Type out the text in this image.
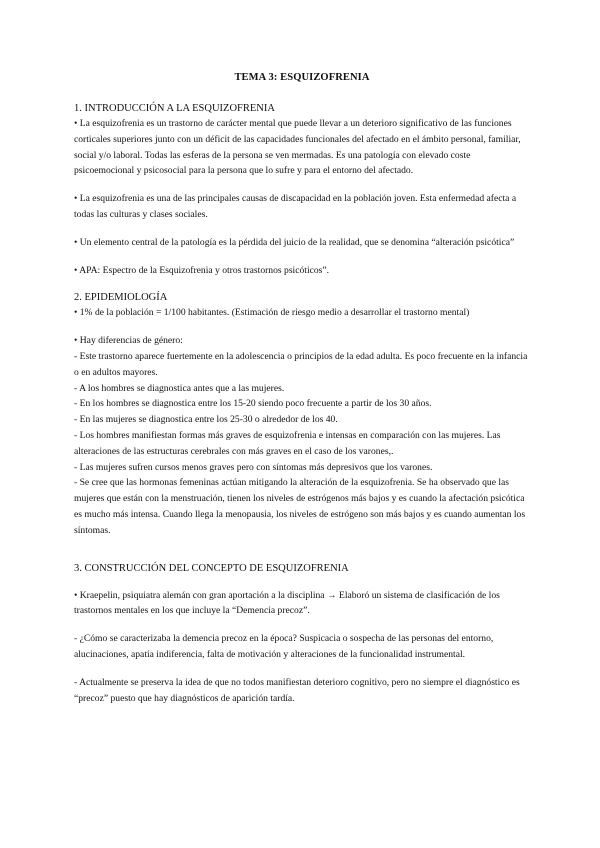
TEMA 3: ESQUIZOFRENIA
1. INTRODUCCIÓN A LA ESQUIZOFRENIA

• La esquizofrenia es un trastorno de carácter mental que puede llevar a un deterioro significativo de las funciones corticales superiores junto con un déficit de las capacidades funcionales del afectado en el ámbito personal, familiar, social y/o laboral. Todas las esferas de la persona se ven mermadas. Es una patología con elevado coste psicoemocional y psicosocial para la persona que lo sufre y para el entorno del afectado.

• La esquizofrenia es una de las principales causas de discapacidad en la población joven. Esta enfermedad afecta a todas las culturas y clases sociales.

• Un elemento central de la patología es la pérdida del juicio de la realidad, que se denomina “alteración psicótica”

• APA: Espectro de la Esquizofrenia y otros trastornos psicóticos”.

2. EPIDEMIOLOGÍA

• 1% de la población = 1/100 habitantes. (Estimación de riesgo medio a desarrollar el trastorno mental)

• Hay diferencias de género:

- Este trastorno aparece fuertemente en la adolescencia o principios de la edad adulta. Es poco frecuente en la infancia o en adultos mayores.

- A los hombres se diagnostica antes que a las mujeres.

- En los hombres se diagnostica entre los 15-20 siendo poco frecuente a partir de los 30 años.

- En las mujeres se diagnostica entre los 25-30 o alrededor de los 40.

- Los hombres manifiestan formas más graves de esquizofrenia e intensas en comparación con las mujeres. Las alteraciones de las estructuras cerebrales con más graves en el caso de los varones,.

- Las mujeres sufren cursos menos graves pero con síntomas más depresivos que los varones.

- Se cree que las hormonas femeninas actúan mitigando la alteración de la esquizofrenia. Se ha observado que las mujeres que están con la menstruación, tienen los niveles de estrógenos más bajos y es cuando la afectación psicótica es mucho más intensa. Cuando llega la menopausia, los niveles de estrógeno son más bajos y es cuando aumentan los síntomas.

3. CONSTRUCCIÓN DEL CONCEPTO DE ESQUIZOFRENIA

• Kraepelin, psiquiatra alemán con gran aportación a la disciplina → Elaboró un sistema de clasificación de los trastornos mentales en los que incluye la “Demencia precoz”.

- ¿Cómo se caracterizaba la demencia precoz en la época? Suspicacia o sospecha de las personas del entorno, alucinaciones, apatía indiferencia, falta de motivación y alteraciones de la funcionalidad instrumental.

- Actualmente se preserva la idea de que no todos manifiestan deterioro cognitivo, pero no siempre el diagnóstico es “precoz” puesto que hay diagnósticos de aparición tardía.
